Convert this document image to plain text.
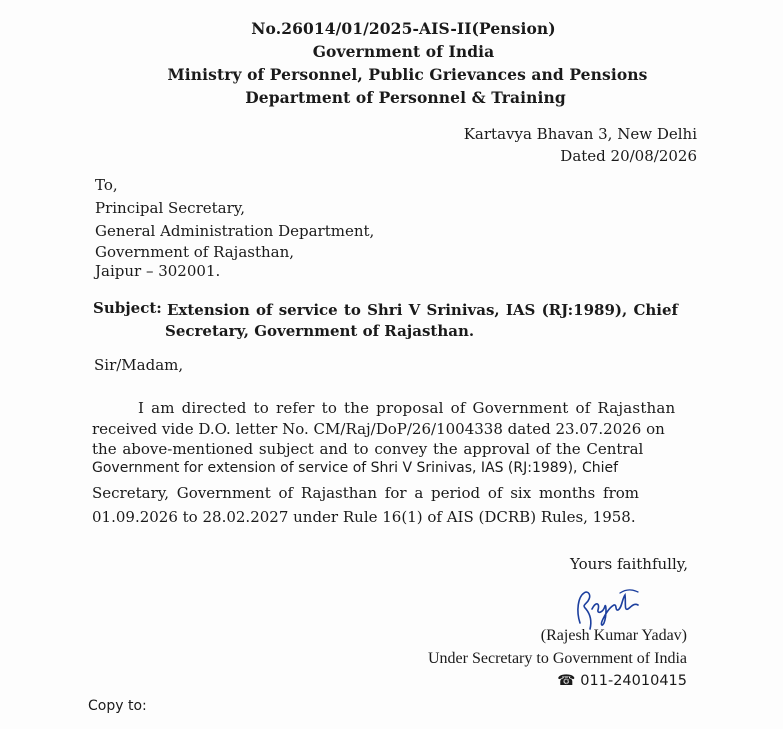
No.26014/01/2025-AIS-II(Pension)
Government of India
Ministry of Personnel, Public Grievances and Pensions
Department of Personnel & Training
Kartavya Bhavan 3, New Delhi
Dated 20/08/2026
To,
Principal Secretary,
General Administration Department,
Government of Rajasthan,
Jaipur – 302001.
Subject: Extension of service to Shri V Srinivas, IAS (RJ:1989), Chief
Secretary, Government of Rajasthan.
Sir/Madam,
I am directed to refer to the proposal of Government of Rajasthan
received vide D.O. letter No. CM/Raj/DoP/26/1004338 dated 23.07.2026 on
the above-mentioned subject and to convey the approval of the Central
Government for extension of service of Shri V Srinivas, IAS (RJ:1989), Chief
Secretary, Government of Rajasthan for a period of six months from
01.09.2026 to 28.02.2027 under Rule 16(1) of AIS (DCRB) Rules, 1958.
Yours faithfully,
(Rajesh Kumar Yadav)
Under Secretary to Government of India
☎ 011-24010415
Copy to:
